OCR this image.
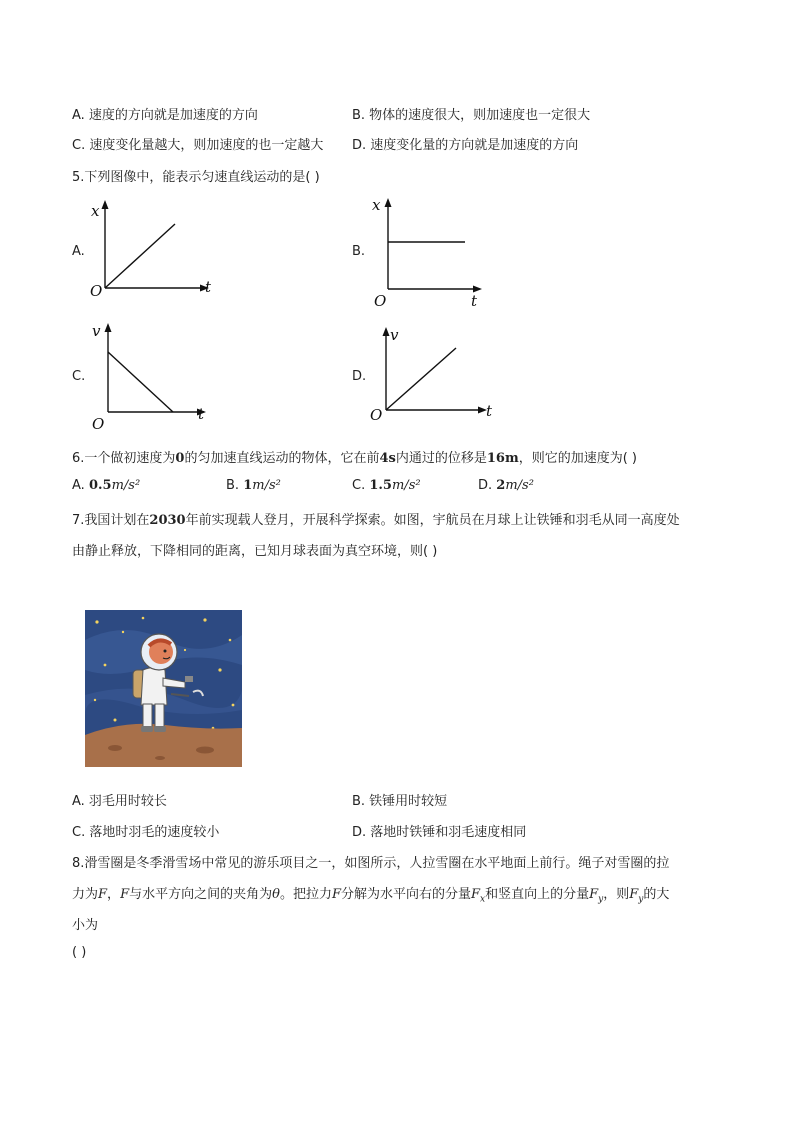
A. 速度的方向就是加速度的方向	B. 物体的速度很大，则加速度也一定很大
C. 速度变化量越大，则加速度的也一定越大 D. 速度变化量的方向就是加速度的方向
5.下列图像中，能表示匀速直线运动的是( )
A.	B.
C.	D.
x
t
O
x
t
O
v
t
O
v
t
O
6.一个做初速度为0的匀加速直线运动的物体，它在前4s内通过的位移是16m，则它的加速度为( )
A. 0.5m/s²	B. 1m/s²	C. 1.5m/s²	D. 2m/s²
7.我国计划在2030年前实现载人登月，开展科学探索。如图，宇航员在月球上让铁锤和羽毛从同一高度处
由静止释放，下降相同的距离，已知月球表面为真空环境，则( )
A. 羽毛用时较长	B. 铁锤用时较短
C. 落地时羽毛的速度较小	D. 落地时铁锤和羽毛速度相同
8.滑雪圈是冬季滑雪场中常见的游乐项目之一，如图所示，人拉雪圈在水平地面上前行。绳子对雪圈的拉
力为F，F与水平方向之间的夹角为θ。把拉力F分解为水平向右的分量$F_x$和竖直向上的分量$F_y$，则$F_y$的大
小为
( )
